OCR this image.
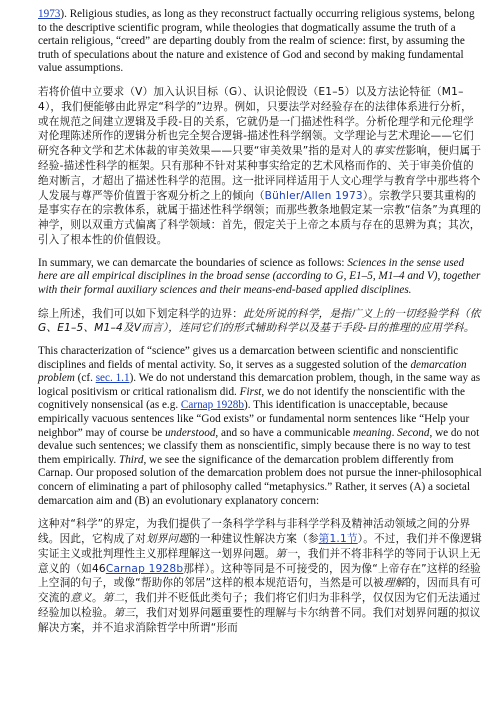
1973). Religious studies, as long as they reconstruct factually occurring religious systems, belong to the descriptive scientific program, while theologies that dogmatically assume the truth of a certain religious, “creed” are departing doubly from the realm of science: first, by assuming the truth of speculations about the nature and existence of God and second by making fundamental value assumptions.

若将价值中立要求（V）加入认识目标（G）、认识论假设（E1–5）以及方法论特征（M1–4），我们便能够由此界定“科学的”边界。例如，只要法学对经验存在的法律体系进行分析，或在规范之间建立逻辑及手段-目的关系，它就仍是一门描述性科学。分析伦理学和元伦理学对伦理陈述所作的逻辑分析也完全契合逻辑-描述性科学纲领。文学理论与艺术理论——它们研究各种文学和艺术体裁的审美效果——只要“审美效果”指的是对人的事实性影响，便归属于经验-描述性科学的框架。只有那种不针对某种事实给定的艺术风格而作的、关于审美价值的绝对断言，才超出了描述性科学的范围。这一批评同样适用于人文心理学与教育学中那些将个人发展与尊严等价值置于客观分析之上的倾向（Bühler/Allen 1973）。宗教学只要其重构的是事实存在的宗教体系，就属于描述性科学纲领；而那些教条地假定某一宗教“信条”为真理的神学，则以双重方式偏离了科学领域：首先，假定关于上帝之本质与存在的思辨为真；其次，引入了根本性的价值假设。

In summary, we can demarcate the boundaries of science as follows: Sciences in the sense used here are all empirical disciplines in the broad sense (according to G, E1–5, M1–4 and V), together with their formal auxiliary sciences and their means-end-based applied disciplines.

综上所述，我们可以如下划定科学的边界：此处所说的科学，是指广义上的一切经验学科（依G、E1–5、M1–4及V而言），连同它们的形式辅助科学以及基于手段-目的推理的应用学科。

This characterization of “science” gives us a demarcation between scientific and nonscientific disciplines and fields of mental activity. So, it serves as a suggested solution of the demarcation problem (cf. sec. 1.1). We do not understand this demarcation problem, though, in the same way as logical positivism or critical rationalism did. First, we do not identify the nonscientific with the cognitively nonsensical (as e.g. Carnap 1928b). This identification is unacceptable, because empirically vacuous sentences like “God exists” or fundamental norm sentences like “Help your neighbor” may of course be understood, and so have a communicable meaning. Second, we do not devalue such sentences; we classify them as nonscientific, simply because there is no way to test them empirically. Third, we see the significance of the demarcation problem differently from Carnap. Our proposed solution of the demarcation problem does not pursue the inner-philosophical concern of eliminating a part of philosophy called “metaphysics.” Rather, it serves (A) a societal demarcation aim and (B) an evolutionary explanatory concern:

这种对“科学”的界定，为我们提供了一条科学学科与非科学学科及精神活动领域之间的分界线。因此，它构成了对划界问题的一种建议性解决方案（参第1.1节）。不过，我们并不像逻辑实证主义或批判理性主义那样理解这一划界问题。第一，我们并不将非科学的等同于认识上无意义的（如46Carnap 1928b那样）。这种等同是不可接受的，因为像“上帝存在”这样的经验上空洞的句子，或像“帮助你的邻居”这样的根本规范语句，当然是可以被理解的，因而具有可交流的意义。第二，我们并不贬低此类句子；我们将它们归为非科学，仅仅因为它们无法通过经验加以检验。第三，我们对划界问题重要性的理解与卡尔纳普不同。我们对划界问题的拟议解决方案，并不追求消除哲学中所谓“形而
